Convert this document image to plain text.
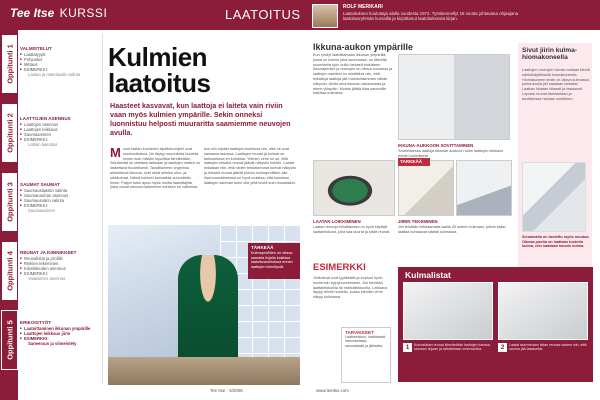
Tee Itse KURSSI	LAATOITUS	ROLF MERIKARI
Laatoituksen kouluttaja alalla vuodesta 1972. Työskennellyt 18 vuotta johtavana ohjaajana laatoitusryhmän kurssilla ja kirjoittanut laatoituksesta kirjan.
Oppitunti 1
Oppitunti 2
Oppitunti 3
Oppitunti 4
Oppitunti 5
VALMISTELUT
■ Laattatyypit
■ Pohjustus
■ Mittaus
■ ESIMERKKI:
Laatan ja materiaalin valinta
LAATTOJEN ASENNUS
■ Laattojen asennus
■ Laattojen leikkaus
■ Saumaaminen
■ ESIMERKKI:
Lattian laatoitus
SAUMAT SAUMAT
■ Saumauslaastin valinta
■ Saumanauhan asennus
■ Saumausvärin valinta
■ ESIMERKKI:
Saumaaminen
REUNAT JA KIINNIKKEET
■ Reunalistat ja profiilit
■ Reikien tekeminen
■ Kiinnikkeiden asennus
■ ESIMERKKI:
Valaisimen asennus
ERIKOISTYÖT
■ Laatoittaminen ikkunan ympärille
■ Laattojen leikkaus jiirin
■ ESIMERKKI:
Saneeraus ja viimeistely
Kulmien laatoitus
Haasteet kasvavat, kun laattoja ei laiteta vain riviin vaan myös kulmien ympärille. Sekin onneksi luonnistuu helposti muuraritta saamiemme neuvojen avulla.
Monet laatan kuvioiden sijoitteluohjeet ovat monimutkaisia. Ne täytyy suunnitella huolella ennen kuin mitään lopullista kiinnitetään. Seinämitat on otettava tarkkaan ja laattojen määrä on laskettava huolellisesti. Tavallisimmin ongelmia aiheuttavat ikkunat, ovet sekä seinien ulko- ja sisäkulmat. Nämä kohteet kannattaa suunnitella ensin. Paljon tulee apua myös muilta laatoittajilta, jotka voivat neuvoa tarkemmin kohteen eri vaiheista.
kun niin sijoitet laattojen kulmissa niin, että ne ovat samassa tasossa. Laattojen reunat ja kulmat on tarkistettava eri kohdista. Yleinen virhe on se, että laattojen leikatut reunat jäävät näkyviin kohtiin. Laatat leikataan niin, että niiden tehdasreunat tulevat näkyviin ja leikatut reunat jäävät piiloon kulmaprofiilien alle. Asennusvaiheessa on hyvä muistaa, että kulmissa laattojen sauman tulee olla yhtä leveä kuin muuallakin.
TÄRKEÄÄ

Kulmaprofiilien on oltava samalla linjalla kaikissa laatoituskohteissa ennen laattojen kiinnitystä.

Ikkuna-aukon ympärille
Kun ryhdyt laatoittamaan ikkunan ympärillä, jossa on kulmia joka suunnassa, on tärkeää suunnitella työn kulku tarkasti etukäteen. Ikkunapenkin ja reunojen on oltava suorassa ja laattojen asettelu on mietittävä niin, että leikattuja laattoja jää mahdollisimman vähän näkyviin. Aloita aina ikkunan alareunasta ja etene ylöspäin. Muista jättää tilaa saumoille kaikissa kulmissa.
IKKUNA-AUKKOON SOVITTAMINEN
Sovitettaessa laattoja ikkunan aukkoon tulee laattojen leikkaus tehdä huolellisesti.
LAATAN LOIKKIMINEN
Laatan reunoja leikattaessa on hyvä käyttää laattaleikkuria, jolla saa suorat ja siistit reunat.
TARKEÄÄ
JIIRIN TEKEMINEN
Jiiri tehdään leikkaamalla laatta 45 asteen kulmaan, jolloin kaksi laattaa kohtaavat siististi kulmassa.
ESIMERKKI
Jiirikulmat ovat tyylikkäitä ja sopivat hyvin moderniin kylpyhuoneeseen. Jiiri tehdään laattaleikkurilla tai märkäleikkurilla. Leikkaus täytyy tehdä huolella, koska pienikin virhe näkyy kulmassa.
TARVIKKEET

Laattaleikkuri, laattalaasti, hammaslasta, saumalaasti ja jiirilaatta.

Sivut jiirin kulma-hiomakoneella
Laattojen reunojen hionta voidaan tehdä sähkökäyttöisellä hiomakoneella. Hiomakoneen terän on oltava kulmassa, jonka avulla jiiri saadaan tarkaksi. Laattaa hiotaan hitaasti ja tasaisesti. Lopuksi reunat tarkistetaan ja tarvittaessa hiotaan uudelleen.
Sivuamalla on tuotettu myös muotoa. Oikeaa puolta on laattaan tuotettu kulma, niin saadaan kaunis kulma.
Kulmalistat
1	Kulmalistan reunat kiinnitetään laattojen kanssa samaan linjaan ja tarkistetaan vesivaa'alla.	2	Laatat asennetaan listan reunaa vasten niin, että sauma jää tasaiseksi.
80	Tee Itse · 5/2005	www.teeitse.com
